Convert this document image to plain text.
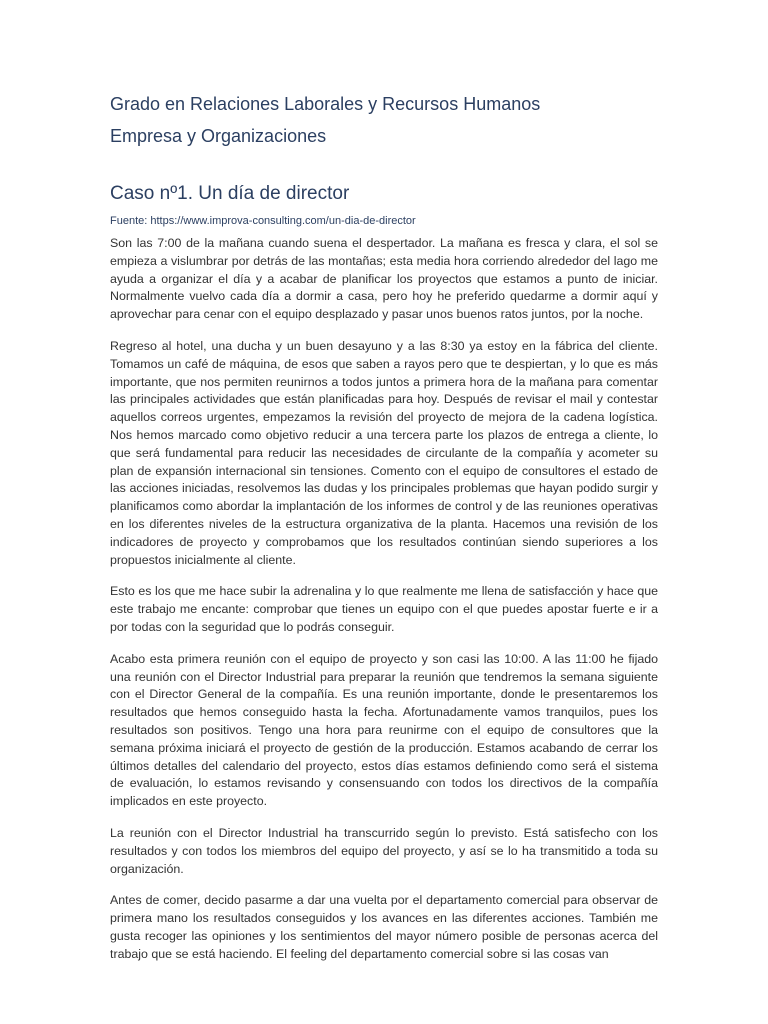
Grado en Relaciones Laborales y Recursos Humanos
Empresa y Organizaciones
Caso nº1. Un día de director

Fuente: https://www.improva-consulting.com/un-dia-de-director

Son las 7:00 de la mañana cuando suena el despertador. La mañana es fresca y clara, el sol se empieza a vislumbrar por detrás de las montañas; esta media hora corriendo alrededor del lago me ayuda a organizar el día y a acabar de planificar los proyectos que estamos a punto de iniciar. Normalmente vuelvo cada día a dormir a casa, pero hoy he preferido quedarme a dormir aquí y aprovechar para cenar con el equipo desplazado y pasar unos buenos ratos juntos, por la noche.

Regreso al hotel, una ducha y un buen desayuno y a las 8:30 ya estoy en la fábrica del cliente. Tomamos un café de máquina, de esos que saben a rayos pero que te despiertan, y lo que es más importante, que nos permiten reunirnos a todos juntos a primera hora de la mañana para comentar las principales actividades que están planificadas para hoy. Después de revisar el mail y contestar aquellos correos urgentes, empezamos la revisión del proyecto de mejora de la cadena logística. Nos hemos marcado como objetivo reducir a una tercera parte los plazos de entrega a cliente, lo que será fundamental para reducir las necesidades de circulante de la compañía y acometer su plan de expansión internacional sin tensiones. Comento con el equipo de consultores el estado de las acciones iniciadas, resolvemos las dudas y los principales problemas que hayan podido surgir y planificamos como abordar la implantación de los informes de control y de las reuniones operativas en los diferentes niveles de la estructura organizativa de la planta. Hacemos una revisión de los indicadores de proyecto y comprobamos que los resultados continúan siendo superiores a los propuestos inicialmente al cliente.

Esto es los que me hace subir la adrenalina y lo que realmente me llena de satisfacción y hace que este trabajo me encante: comprobar que tienes un equipo con el que puedes apostar fuerte e ir a por todas con la seguridad que lo podrás conseguir.

Acabo esta primera reunión con el equipo de proyecto y son casi las 10:00. A las 11:00 he fijado una reunión con el Director Industrial para preparar la reunión que tendremos la semana siguiente con el Director General de la compañía. Es una reunión importante, donde le presentaremos los resultados que hemos conseguido hasta la fecha. Afortunadamente vamos tranquilos, pues los resultados son positivos. Tengo una hora para reunirme con el equipo de consultores que la semana próxima iniciará el proyecto de gestión de la producción. Estamos acabando de cerrar los últimos detalles del calendario del proyecto, estos días estamos definiendo como será el sistema de evaluación, lo estamos revisando y consensuando con todos los directivos de la compañía implicados en este proyecto.

La reunión con el Director Industrial ha transcurrido según lo previsto. Está satisfecho con los resultados y con todos los miembros del equipo del proyecto, y así se lo ha transmitido a toda su organización.

Antes de comer, decido pasarme a dar una vuelta por el departamento comercial para observar de primera mano los resultados conseguidos y los avances en las diferentes acciones. También me gusta recoger las opiniones y los sentimientos del mayor número posible de personas acerca del trabajo que se está haciendo. El feeling del departamento comercial sobre si las cosas van
